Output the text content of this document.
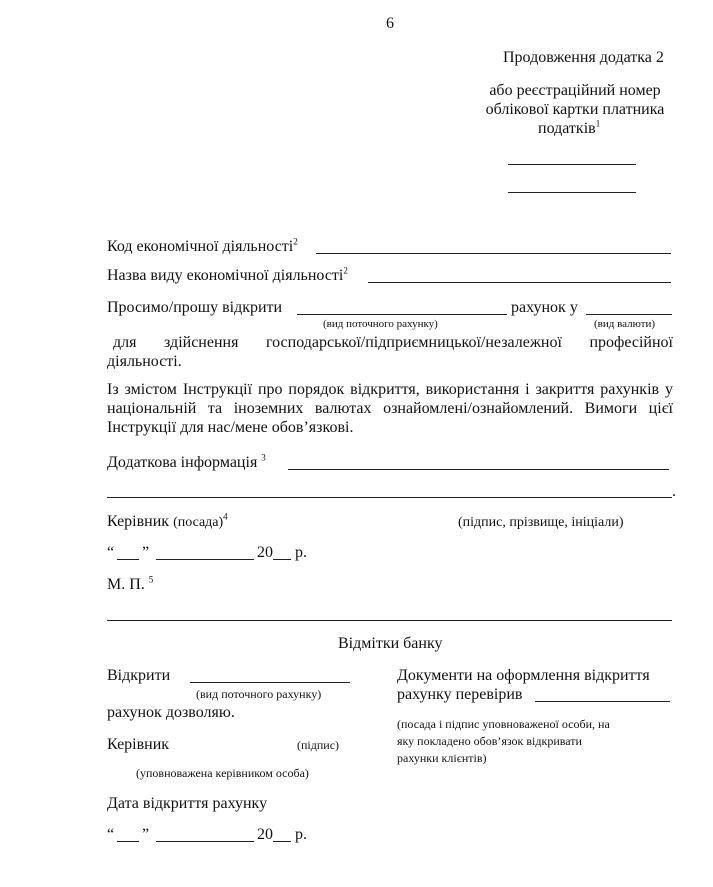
6
Продовження додатка 2
або реєстраційний номер
облікової картки платника
податків$^1$
Код економічної діяльності$^2$
Назва виду економічної діяльності$^2$
Просимо/прошу відкрити	рахунок у
(вид поточного рахунку)	(вид валюти)
для здійснення господарської/підприємницької/незалежної професійної
діяльності.
Із змістом Інструкції про порядок відкриття, використання і закриття рахунків у національній та іноземних валютах ознайомлені/ознайомлений. Вимоги цієї Інструкції для нас/мене обов’язкові.
Додаткова інформація $^3$
.
Керівник (посада)$^4$	(підпис, прізвище, ініціали)
“ ”	20 р.
М. П. $^5$
Відмітки банку
Відкрити
(вид поточного рахунку)
рахунок дозволяю.
Керівник	(підпис)
(уповноважена керівником особа)
Дата відкриття рахунку
“ ”	20 р.
Документи на оформлення відкриття
рахунку перевірив
(посада і підпис уповноваженої особи, на
яку покладено обов’язок відкривати
рахунки клієнтів)
